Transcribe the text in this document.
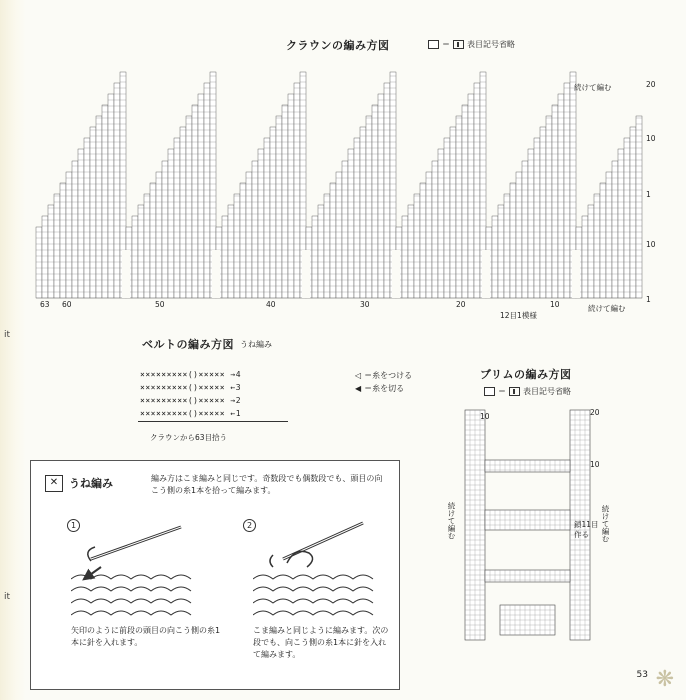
it
it
クラウンの編み方図	＝ 表目記号省略
続けて編む
続けて編む
12目1模様
63 60	50	40	30	20	10
1
20
10
1
10
ベルトの編み方図 うね編み
×××××××××()××××× →4
×××××××××()××××× ←3
×××××××××()××××× →2
×××××××××()××××× ←1
クラウンから63目拾う
◁ ＝糸をつける
◀ ＝糸を切る
ブリムの編み方図
＝ 表目記号省略
続けて編む	続けて編む
鎖11目作る
10	20
10
✕ うね編み	編み方はこま編みと同じです。奇数段でも偶数段でも、頭目の向こう側の糸1本を拾って編みます。
1	2
矢印のように前段の頭目の向こう側の糸1本に針を入れます。
こま編みと同じように編みます。次の段でも、向こう側の糸1本に針を入れて編みます。
53 ❋
